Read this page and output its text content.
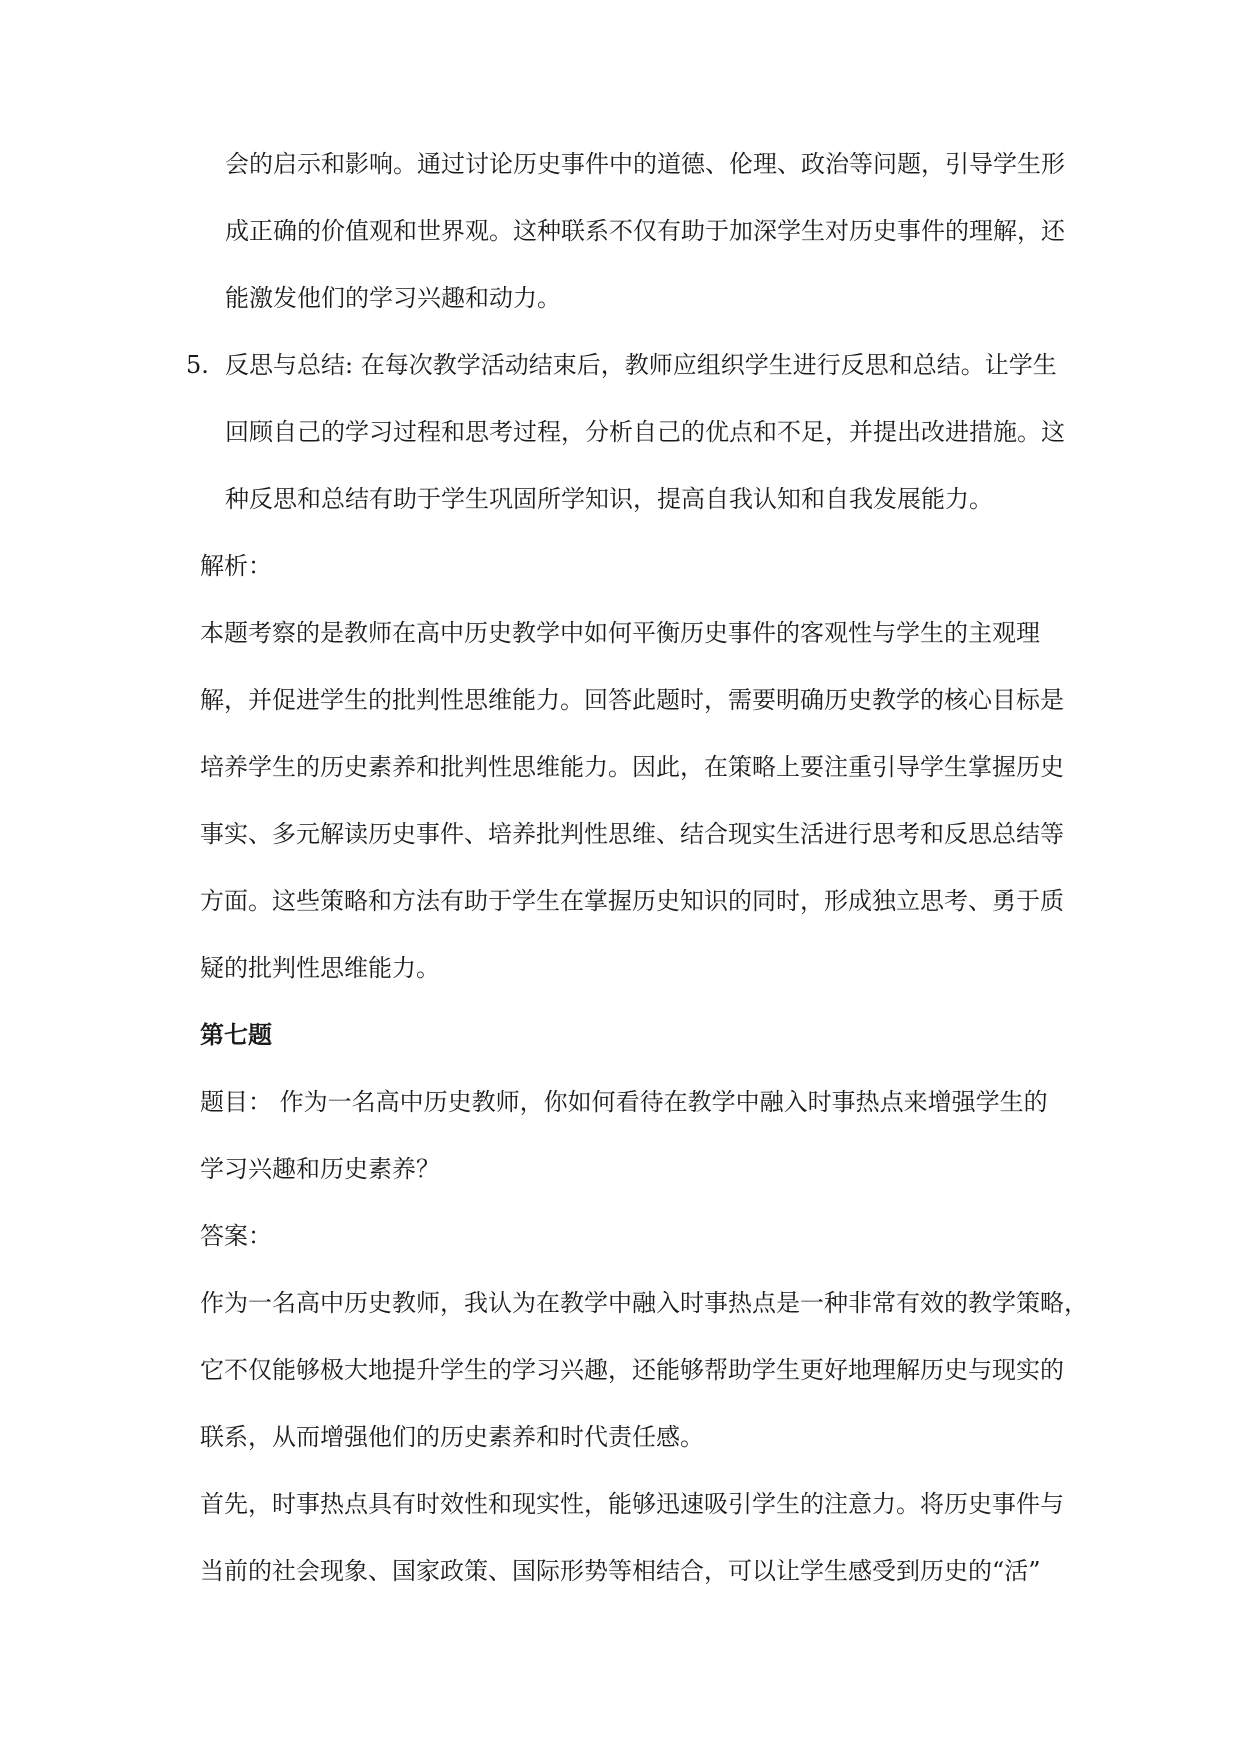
会的启示和影响。通过讨论历史事件中的道德、伦理、政治等问题，引导学生形
成正确的价值观和世界观。这种联系不仅有助于加深学生对历史事件的理解，还
能激发他们的学习兴趣和动力。
5. 反思与总结: 在每次教学活动结束后，教师应组织学生进行反思和总结。让学生
回顾自己的学习过程和思考过程，分析自己的优点和不足，并提出改进措施。这
种反思和总结有助于学生巩固所学知识，提高自我认知和自我发展能力。
解析：
本题考察的是教师在高中历史教学中如何平衡历史事件的客观性与学生的主观理
解，并促进学生的批判性思维能力。回答此题时，需要明确历史教学的核心目标是
培养学生的历史素养和批判性思维能力。因此，在策略上要注重引导学生掌握历史
事实、多元解读历史事件、培养批判性思维、结合现实生活进行思考和反思总结等
方面。这些策略和方法有助于学生在掌握历史知识的同时，形成独立思考、勇于质
疑的批判性思维能力。
第七题
题目： 作为一名高中历史教师，你如何看待在教学中融入时事热点来增强学生的
学习兴趣和历史素养？
答案：
作为一名高中历史教师，我认为在教学中融入时事热点是一种非常有效的教学策略，
它不仅能够极大地提升学生的学习兴趣，还能够帮助学生更好地理解历史与现实的
联系，从而增强他们的历史素养和时代责任感。
首先，时事热点具有时效性和现实性，能够迅速吸引学生的注意力。将历史事件与
当前的社会现象、国家政策、国际形势等相结合，可以让学生感受到历史的“活”
